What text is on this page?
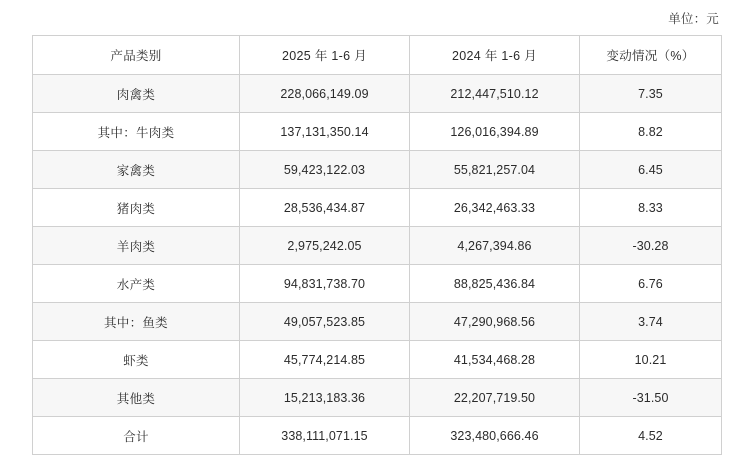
单位：元
产品类别	2025 年 1-6 月	2024 年 1-6 月	变动情况（%）
肉禽类	228,066,149.09	212,447,510.12	7.35
其中：牛肉类	137,131,350.14	126,016,394.89	8.82
家禽类	59,423,122.03	55,821,257.04	6.45
猪肉类	28,536,434.87	26,342,463.33	8.33
羊肉类	2,975,242.05	4,267,394.86	-30.28
水产类	94,831,738.70	88,825,436.84	6.76
其中：鱼类	49,057,523.85	47,290,968.56	3.74
虾类	45,774,214.85	41,534,468.28	10.21
其他类	15,213,183.36	22,207,719.50	-31.50
合计	338,111,071.15	323,480,666.46	4.52
